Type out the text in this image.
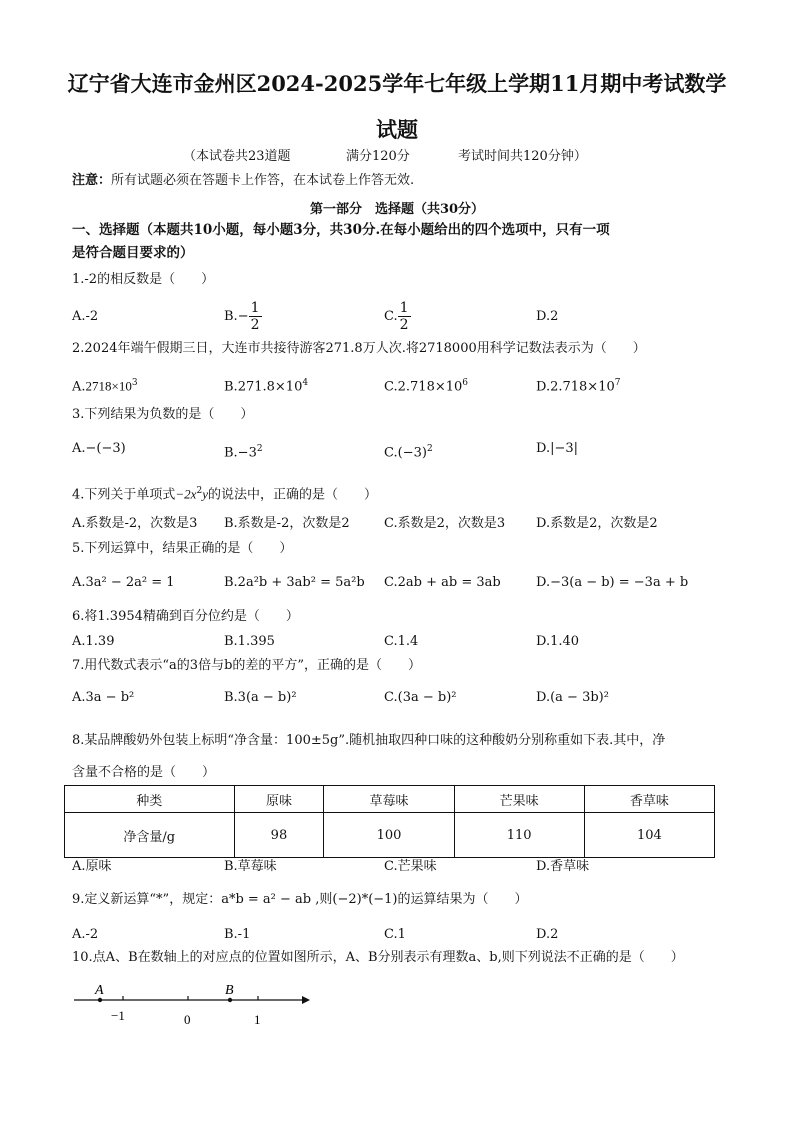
辽宁省大连市金州区2024-2025学年七年级上学期11月期中考试数学
试题
（本试卷共23道题	满分120分	考试时间共120分钟）
注意：所有试题必须在答题卡上作答，在本试卷上作答无效.
第一部分　选择题（共30分）
一、选择题（本题共10小题，每小题3分，共30分.在每小题给出的四个选项中，只有一项
是符合题目要求的）
1.-2的相反数是（　　）
A.-2	$B.- \frac{1}{2}$	C. $\frac{1}{2}$	D.2
2.2024年端午假期三日，大连市共接待游客271.8万人次.将2718000用科学记数法表示为（　　）
$A.2718\times 10^3$	$B.271.8\times 10^4$	$C.2.718\times 10^6$	$D.2.718\times 10^7$
3.下列结果为负数的是（　　）
A.−(−3)	$B.-3^2$	$C.(-3)^2$	D.|−3|
4.下列关于单项式$-2x^2y$的说法中，正确的是（　　）
A.系数是-2，次数是3 B.系数是-2，次数是2	C.系数是2，次数是3 D.系数是2，次数是2
5.下列运算中，结果正确的是（　　）
A.3a² − 2a² = 1	B.2a²b + 3ab² = 5a²b C.2ab + ab = 3ab	D.−3(a − b) = −3a + b
6.将1.3954精确到百分位约是（　　）
A.1.39	B.1.395	C.1.4	D.1.40
7.用代数式表示“a的3倍与b的差的平方”，正确的是（　　）
A.3a − b²	B.3(a − b)²	C.(3a − b)²	D.(a − 3b)²
8.某品牌酸奶外包装上标明“净含量：100±5g”.随机抽取四种口味的这种酸奶分别称重如下表.其中，净
含量不合格的是（　　）
种类	原味	草莓味	芒果味	香草味
净含量/g	98	100	110	104
A.原味	B.草莓味	C.芒果味	D.香草味
9.定义新运算“*”，规定：a*b = a² − ab ,则(−2)*(−1)的运算结果为（　　）
A.-2	B.-1	C.1	D.2
10.点A、B在数轴上的对应点的位置如图所示，A、B分别表示有理数a、b,则下列说法不正确的是（　　）
A	B
−1	0	1
